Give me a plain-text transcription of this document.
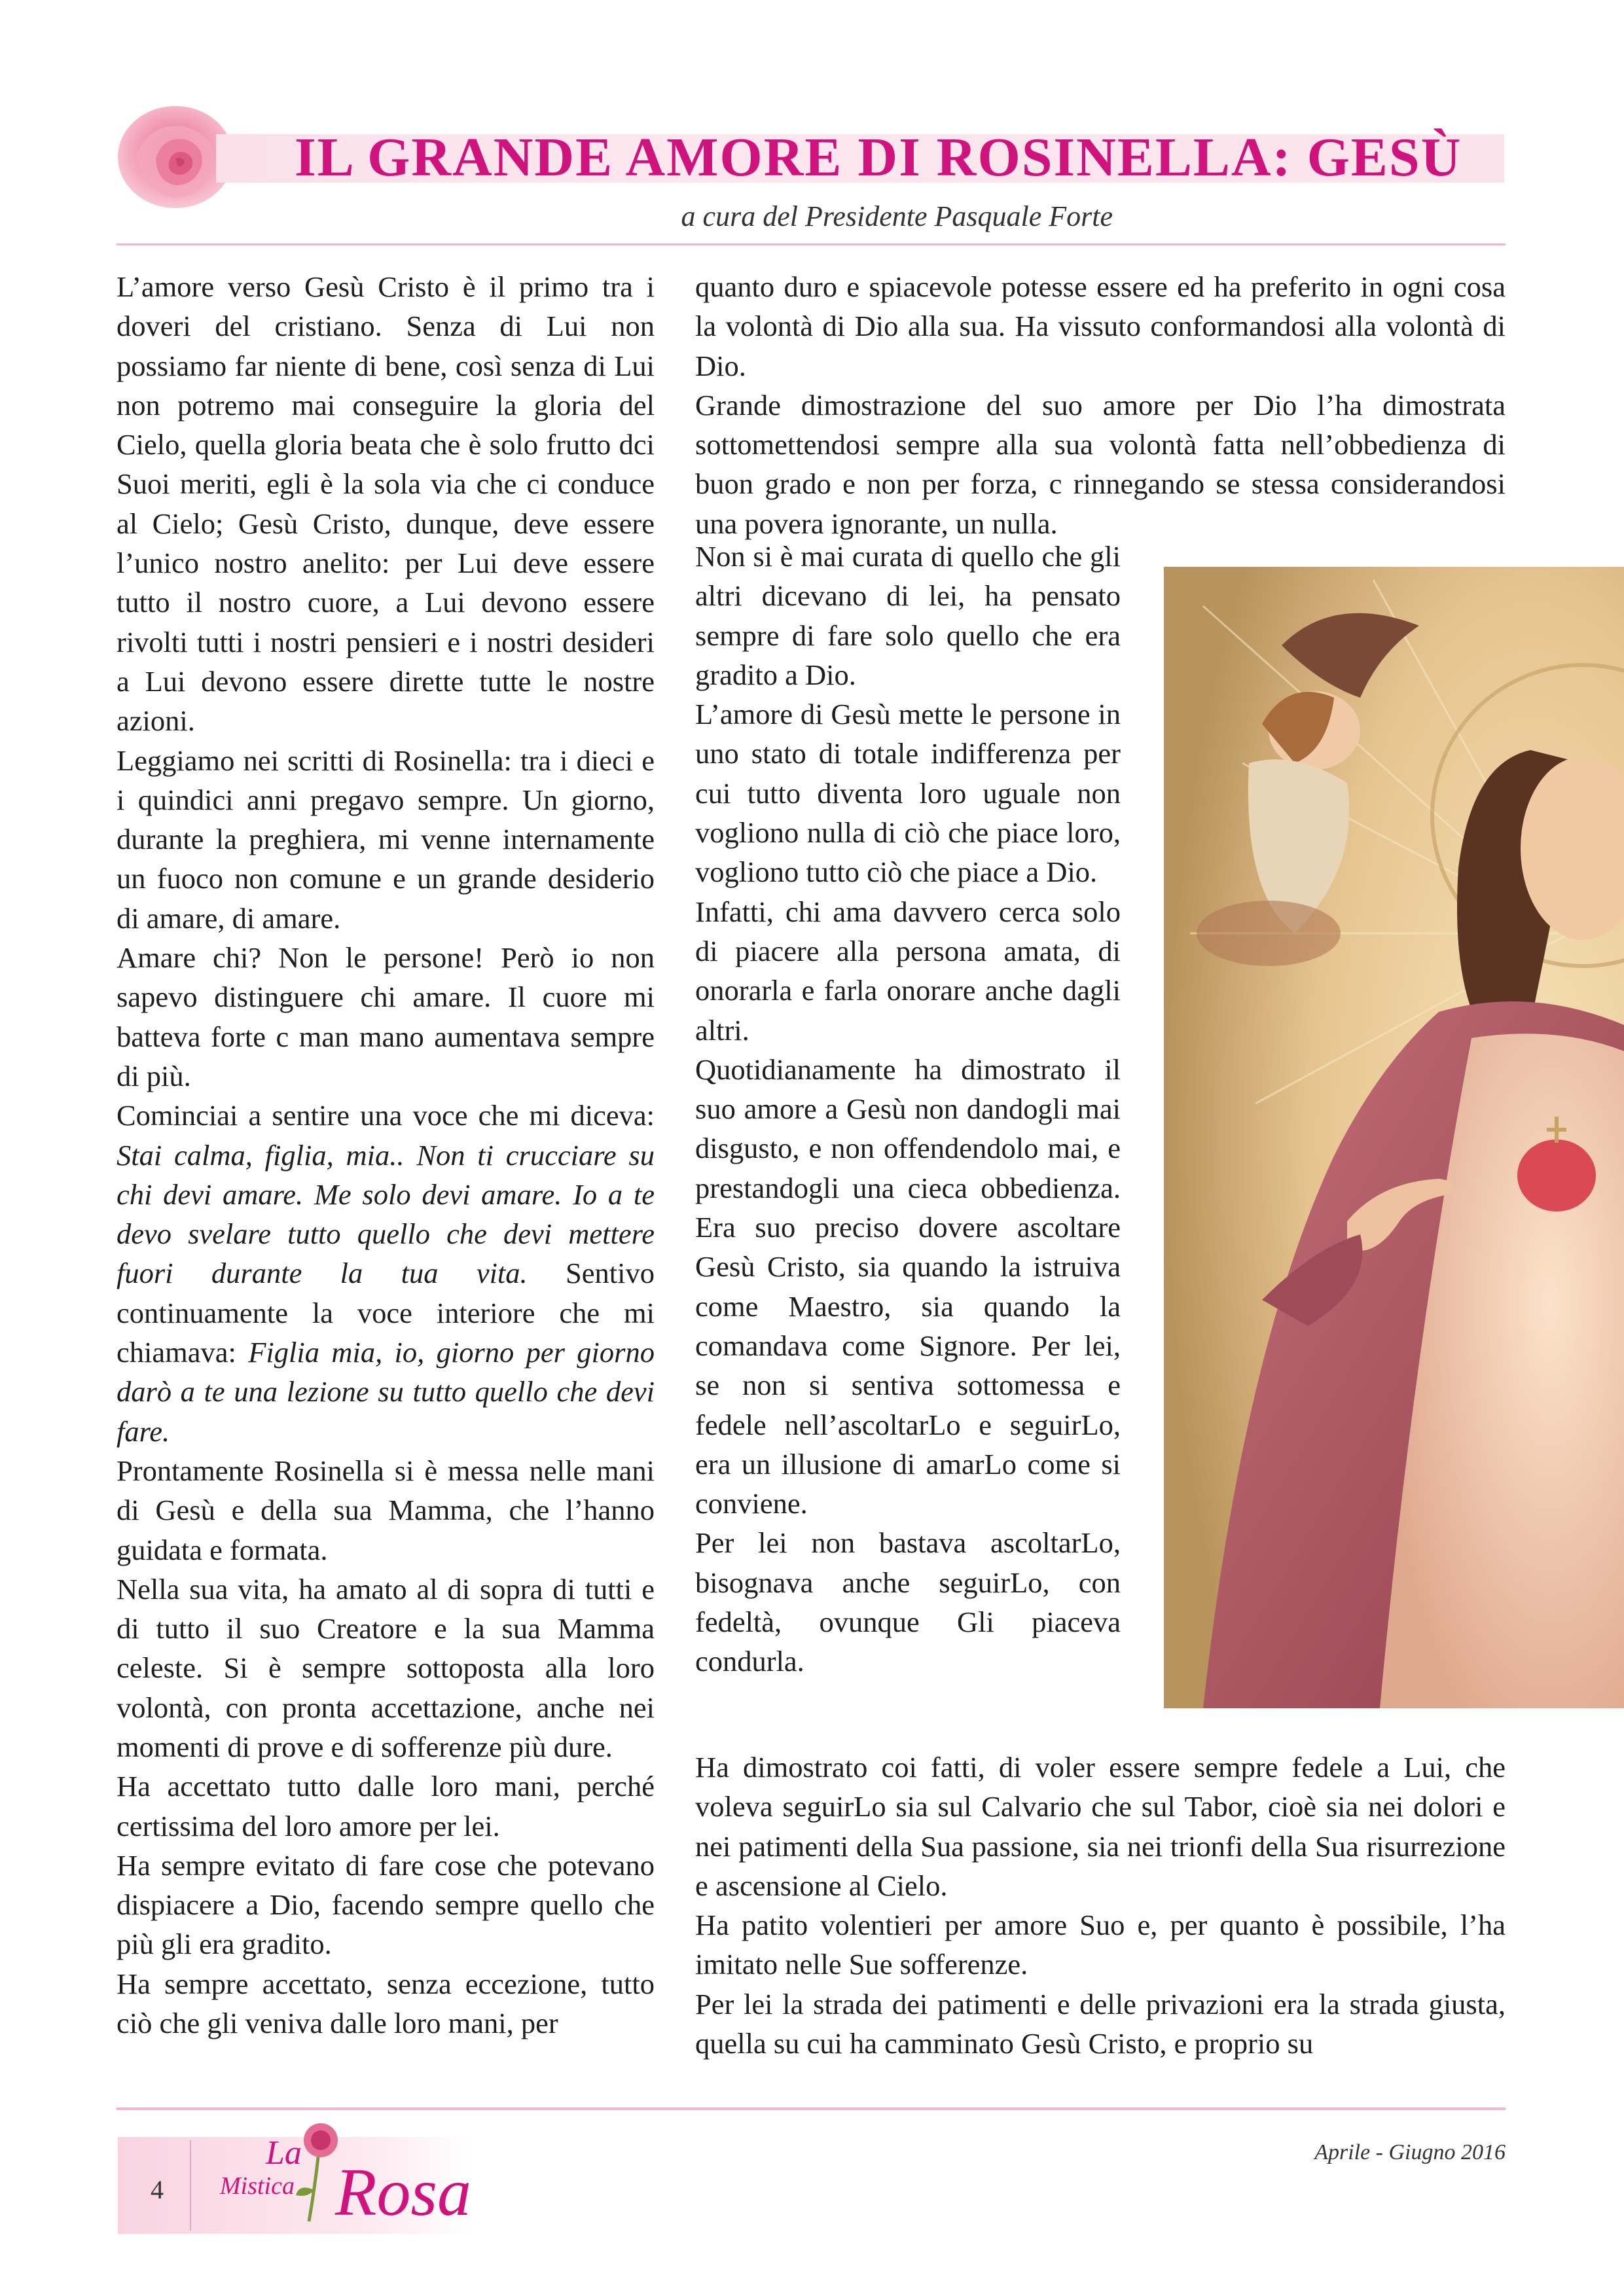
IL GRANDE AMORE DI ROSINELLA: GESÙ
a cura del Presidente Pasquale Forte

L’amore verso Gesù Cristo è il primo tra i doveri del cristiano. Senza di Lui non possiamo far niente di bene, così senza di Lui non potremo mai conseguire la gloria del Cielo, quella gloria beata che è solo frutto dci Suoi meriti, egli è la sola via che ci conduce al Cielo; Gesù Cristo, dunque, deve essere l’unico nostro anelito: per Lui deve essere tutto il nostro cuore, a Lui devono essere rivolti tutti i nostri pensieri e i nostri desideri a Lui devono essere dirette tutte le nostre azioni.

Leggiamo nei scritti di Rosinella: tra i dieci e i quindici anni pregavo sempre. Un giorno, durante la preghiera, mi venne internamente un fuoco non comune e un grande desiderio di amare, di amare.

Amare chi? Non le persone! Però io non sapevo distinguere chi amare. Il cuore mi batteva forte c man mano aumentava sempre di più.

Cominciai a sentire una voce che mi diceva: Stai calma, figlia, mia.. Non ti crucciare su chi devi amare. Me solo devi amare. Io a te devo svelare tutto quello che devi mettere fuori durante la tua vita. Sentivo continuamente la voce interiore che mi chiamava: Figlia mia, io, giorno per giorno darò a te una lezione su tutto quello che devi fare.

Prontamente Rosinella si è messa nelle mani di Gesù e della sua Mamma, che l’hanno guidata e formata.

Nella sua vita, ha amato al di sopra di tutti e di tutto il suo Creatore e la sua Mamma celeste. Si è sempre sottoposta alla loro volontà, con pronta accettazione, anche nei momenti di prove e di sofferenze più dure.

Ha accettato tutto dalle loro mani, perché certissima del loro amore per lei.

Ha sempre evitato di fare cose che potevano dispiacere a Dio, facendo sempre quello che più gli era gradito.

Ha sempre accettato, senza eccezione, tutto ciò che gli veniva dalle loro mani, per

quanto duro e spiacevole potesse essere ed ha preferito in ogni cosa la volontà di Dio alla sua. Ha vissuto conformandosi alla volontà di Dio.

Grande dimostrazione del suo amore per Dio l’ha dimostrata sottomettendosi sempre alla sua volontà fatta nell’obbedienza di buon grado e non per forza, c rinnegando se stessa considerandosi una povera ignorante, un nulla.

Non si è mai curata di quello che gli altri dicevano di lei, ha pensato sempre di fare solo quello che era gradito a Dio.

L’amore di Gesù mette le persone in uno stato di totale indifferenza per cui tutto diventa loro uguale non vogliono nulla di ciò che piace loro, vogliono tutto ciò che piace a Dio.

Infatti, chi ama davvero cerca solo di piacere alla persona amata, di onorarla e farla onorare anche dagli altri.

Quotidianamente ha dimostrato il suo amore a Gesù non dandogli mai disgusto, e non offendendolo mai, e prestandogli una cieca obbedienza. Era suo preciso dovere ascoltare Gesù Cristo, sia quando la istruiva come Maestro, sia quando la comandava come Signore. Per lei, se non si sentiva sottomessa e fedele nell’ascoltarLo e seguirLo, era un illusione di amarLo come si conviene.

Per lei non bastava ascoltarLo, bisognava anche seguirLo, con fedeltà, ovunque Gli piaceva condurla.

Ha dimostrato coi fatti, di voler essere sempre fedele a Lui, che voleva seguirLo sia sul Calvario che sul Tabor, cioè sia nei dolori e nei patimenti della Sua passione, sia nei trionfi della Sua risurrezione e ascensione al Cielo.

Ha patito volentieri per amore Suo e, per quanto è possibile, l’ha imitato nelle Sue sofferenze.

Per lei la strada dei patimenti e delle privazioni era la strada giusta, quella su cui ha camminato Gesù Cristo, e proprio su

4
La
Mistica Rosa
Aprile - Giugno 2016
